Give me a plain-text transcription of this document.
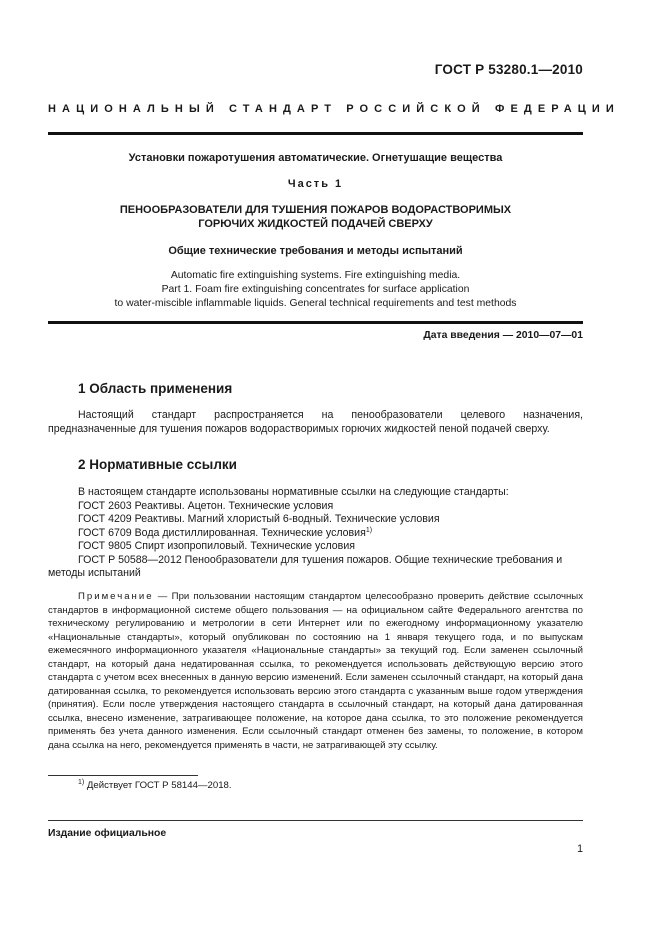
ГОСТ Р 53280.1—2010
НАЦИОНАЛЬНЫЙ СТАНДАРТ РОССИЙСКОЙ ФЕДЕРАЦИИ
Установки пожаротушения автоматические. Огнетушащие вещества
Часть 1
ПЕНООБРАЗОВАТЕЛИ ДЛЯ ТУШЕНИЯ ПОЖАРОВ ВОДОРАСТВОРИМЫХ
ГОРЮЧИХ ЖИДКОСТЕЙ ПОДАЧЕЙ СВЕРХУ
Общие технические требования и методы испытаний
Automatic fire extinguishing systems. Fire extinguishing media.
Part 1. Foam fire extinguishing concentrates for surface application
to water-miscible inflammable liquids. General technical requirements and test methods
Дата введения — 2010—07—01
1 Область применения
Настоящий стандарт распространяется на пенообразователи целевого назначения, предназначенные для тушения пожаров водорастворимых горючих жидкостей пеной подачей сверху.
2 Нормативные ссылки
В настоящем стандарте использованы нормативные ссылки на следующие стандарты:
ГОСТ 2603 Реактивы. Ацетон. Технические условия
ГОСТ 4209 Реактивы. Магний хлористый 6-водный. Технические условия
ГОСТ 6709 Вода дистиллированная. Технические условия$^{1)}$
ГОСТ 9805 Спирт изопропиловый. Технические условия
ГОСТ Р 50588—2012 Пенообразователи для тушения пожаров. Общие технические требования и
методы испытаний
Примечание — При пользовании настоящим стандартом целесообразно проверить действие ссылочных стандартов в информационной системе общего пользования — на официальном сайте Федерального агентства по техническому регулированию и метрологии в сети Интернет или по ежегодному информационному указателю «Национальные стандарты», который опубликован по состоянию на 1 января текущего года, и по выпускам ежемесячного информационного указателя «Национальные стандарты» за текущий год. Если заменен ссылочный стандарт, на который дана недатированная ссылка, то рекомендуется использовать действующую версию этого стандарта с учетом всех внесенных в данную версию изменений. Если заменен ссылочный стандарт, на который дана датированная ссылка, то рекомендуется использовать версию этого стандарта с указанным выше годом утверждения (принятия). Если после утверждения настоящего стандарта в ссылочный стандарт, на который дана датированная ссылка, внесено изменение, затрагивающее положение, на которое дана ссылка, то это положение рекомендуется применять без учета данного изменения. Если ссылочный стандарт отменен без замены, то положение, в котором дана ссылка на него, рекомендуется применять в части, не затрагивающей эту ссылку.
$^{1)}$ Действует ГОСТ Р 58144—2018.
Издание официальное
1
